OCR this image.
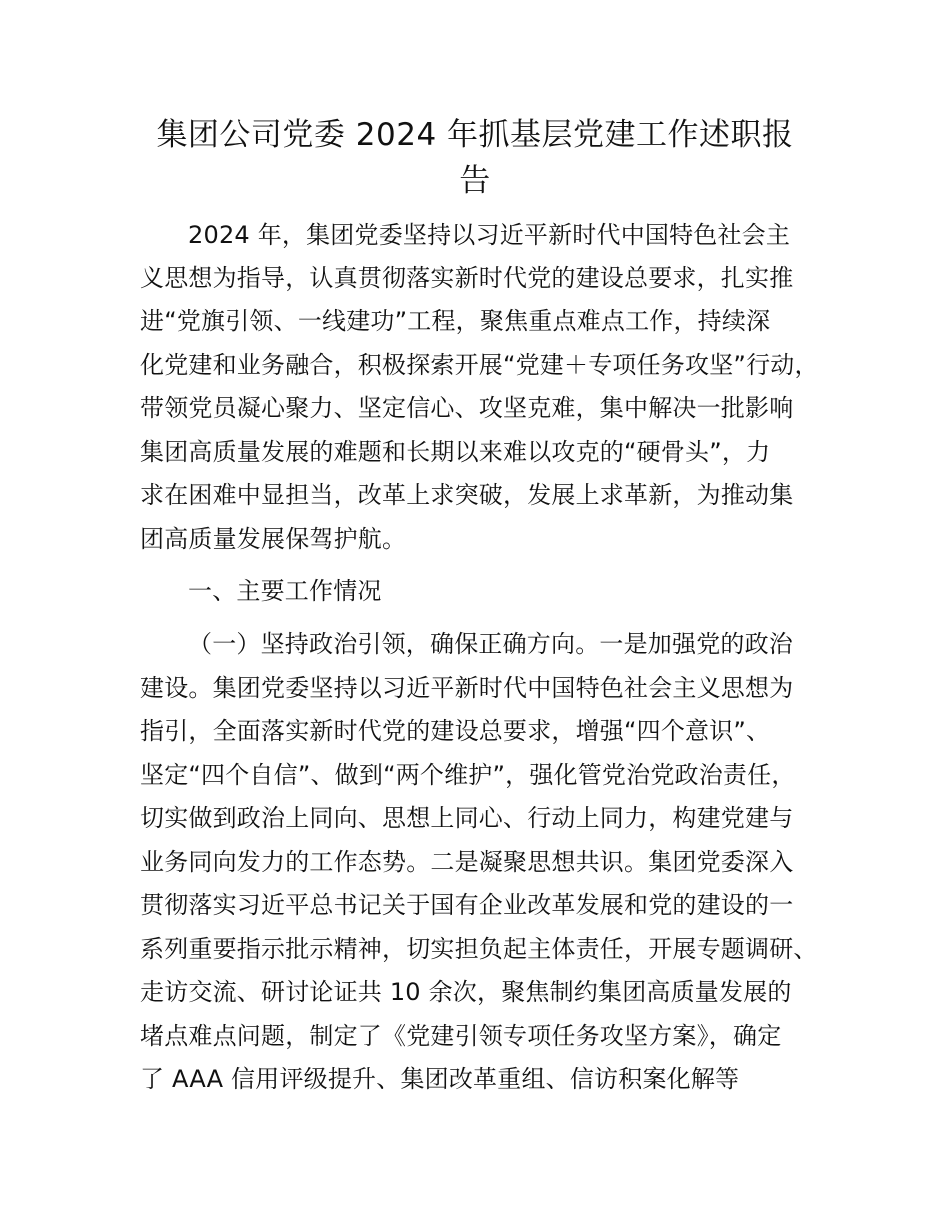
集团公司党委 2024 年抓基层党建工作述职报
告
2024 年，集团党委坚持以习近平新时代中国特色社会主
义思想为指导，认真贯彻落实新时代党的建设总要求，扎实推
进“党旗引领、一线建功”工程，聚焦重点难点工作，持续深
化党建和业务融合，积极探索开展“党建＋专项任务攻坚”行动，
带领党员凝心聚力、坚定信心、攻坚克难，集中解决一批影响
集团高质量发展的难题和长期以来难以攻克的“硬骨头”，力
求在困难中显担当，改革上求突破，发展上求革新，为推动集
团高质量发展保驾护航。
一、主要工作情况
（一）坚持政治引领，确保正确方向。一是加强党的政治
建设。集团党委坚持以习近平新时代中国特色社会主义思想为
指引，全面落实新时代党的建设总要求，增强“四个意识”、
坚定“四个自信”、做到“两个维护”，强化管党治党政治责任，
切实做到政治上同向、思想上同心、行动上同力，构建党建与
业务同向发力的工作态势。二是凝聚思想共识。集团党委深入
贯彻落实习近平总书记关于国有企业改革发展和党的建设的一
系列重要指示批示精神，切实担负起主体责任，开展专题调研、
走访交流、研讨论证共 10 余次，聚焦制约集团高质量发展的
堵点难点问题，制定了《党建引领专项任务攻坚方案》，确定
了 AAA 信用评级提升、集团改革重组、信访积案化解等
